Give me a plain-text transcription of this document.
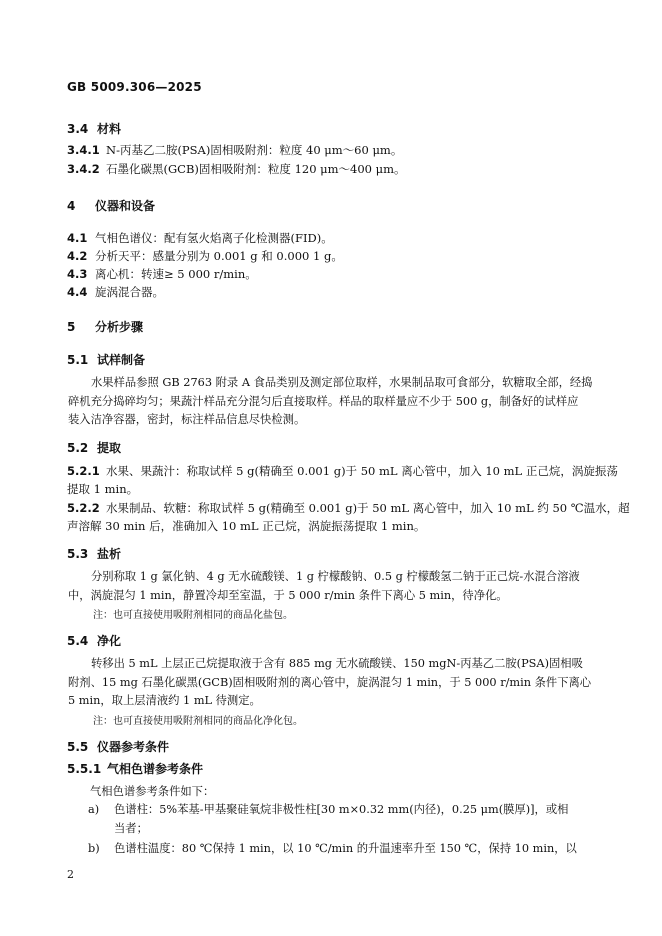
GB 5009.306—2025
3.4 材料
3.4.1 N-丙基乙二胺(PSA)固相吸附剂：粒度 40 μm～60 μm。
3.4.2 石墨化碳黑(GCB)固相吸附剂：粒度 120 μm～400 μm。
4 仪器和设备
4.1 气相色谱仪：配有氢火焰离子化检测器(FID)。
4.2 分析天平：感量分别为 0.001 g 和 0.000 1 g。
4.3 离心机：转速≥ 5 000 r/min。
4.4 旋涡混合器。
5 分析步骤
5.1 试样制备
水果样品参照 GB 2763 附录 A 食品类别及测定部位取样，水果制品取可食部分，软糖取全部，经捣
碎机充分捣碎均匀；果蔬汁样品充分混匀后直接取样。样品的取样量应不少于 500 g，制备好的试样应
装入洁净容器，密封，标注样品信息尽快检测。
5.2 提取
5.2.1 水果、果蔬汁：称取试样 5 g(精确至 0.001 g)于 50 mL 离心管中，加入 10 mL 正己烷，涡旋振荡
提取 1 min。
5.2.2 水果制品、软糖：称取试样 5 g(精确至 0.001 g)于 50 mL 离心管中，加入 10 mL 约 50 ℃温水，超
声溶解 30 min 后，准确加入 10 mL 正己烷，涡旋振荡提取 1 min。
5.3 盐析
分别称取 1 g 氯化钠、4 g 无水硫酸镁、1 g 柠檬酸钠、0.5 g 柠檬酸氢二钠于正己烷-水混合溶液
中，涡旋混匀 1 min，静置冷却至室温，于 5 000 r/min 条件下离心 5 min，待净化。
注：也可直接使用吸附剂相同的商品化盐包。
5.4 净化
转移出 5 mL 上层正己烷提取液于含有 885 mg 无水硫酸镁、150 mgN-丙基乙二胺(PSA)固相吸
附剂、15 mg 石墨化碳黑(GCB)固相吸附剂的离心管中，旋涡混匀 1 min，于 5 000 r/min 条件下离心
5 min，取上层清液约 1 mL 待测定。
注：也可直接使用吸附剂相同的商品化净化包。
5.5 仪器参考条件
5.5.1 气相色谱参考条件
气相色谱参考条件如下：
a) 色谱柱：5%苯基-甲基聚硅氧烷非极性柱[30 m×0.32 mm(内径)，0.25 μm(膜厚)]，或相
当者；
b) 色谱柱温度：80 ℃保持 1 min，以 10 ℃/min 的升温速率升至 150 ℃，保持 10 min，以
2
